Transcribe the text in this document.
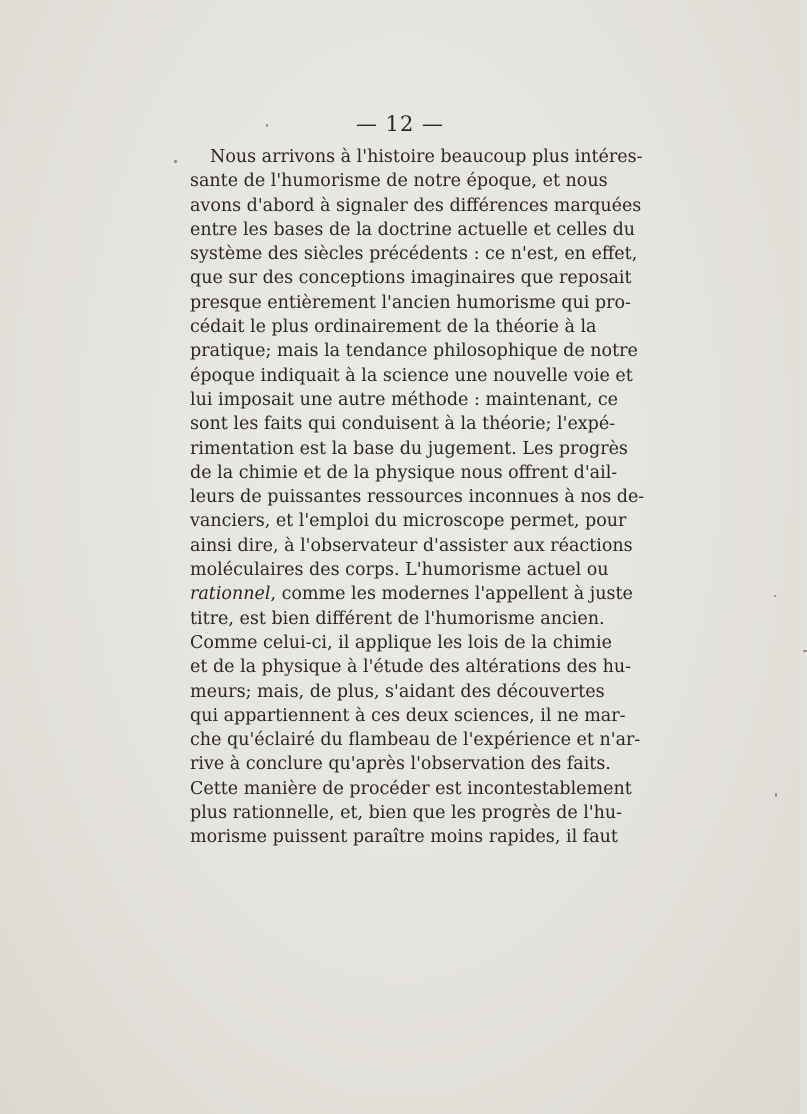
— 12 —
Nous arrivons à l'histoire beaucoup plus intéres-
sante de l'humorisme de notre époque, et nous
avons d'abord à signaler des différences marquées
entre les bases de la doctrine actuelle et celles du
système des siècles précédents : ce n'est, en effet,
que sur des conceptions imaginaires que reposait
presque entièrement l'ancien humorisme qui pro-
cédait le plus ordinairement de la théorie à la
pratique; mais la tendance philosophique de notre
époque indiquait à la science une nouvelle voie et
lui imposait une autre méthode : maintenant, ce
sont les faits qui conduisent à la théorie; l'expé-
rimentation est la base du jugement. Les progrès
de la chimie et de la physique nous offrent d'ail-
leurs de puissantes ressources inconnues à nos de-
vanciers, et l'emploi du microscope permet, pour
ainsi dire, à l'observateur d'assister aux réactions
moléculaires des corps. L'humorisme actuel ou
rationnel, comme les modernes l'appellent à juste
titre, est bien différent de l'humorisme ancien.
Comme celui-ci, il applique les lois de la chimie
et de la physique à l'étude des altérations des hu-
meurs; mais, de plus, s'aidant des découvertes
qui appartiennent à ces deux sciences, il ne mar-
che qu'éclairé du flambeau de l'expérience et n'ar-
rive à conclure qu'après l'observation des faits.
Cette manière de procéder est incontestablement
plus rationnelle, et, bien que les progrès de l'hu-
morisme puissent paraître moins rapides, il faut
